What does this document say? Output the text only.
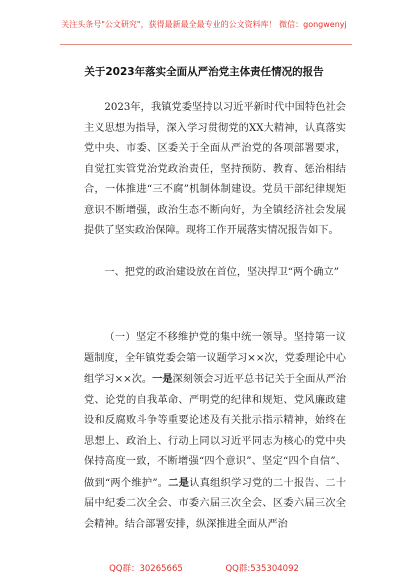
关注头条号"公文研究"，获得最新最全最专业的公文资料库！ 微信：gongwenyj
关于2023年落实全面从严治党主体责任情况的报告
2023年，我镇党委坚持以习近平新时代中国特色社会主义思想为指导，深入学习贯彻党的XX大精神，认真落实党中央、市委、区委关于全面从严治党的各项部署要求，自觉扛实管党治党政治责任，坚持预防、教育、惩治相结合，一体推进“三不腐”机制体制建设。党员干部纪律规矩意识不断增强，政治生态不断向好，为全镇经济社会发展提供了坚实政治保障。现将工作开展落实情况报告如下。
一、把党的政治建设放在首位，坚决捍卫“两个确立”
（一）坚定不移维护党的集中统一领导。坚持第一议题制度，全年镇党委会第一议题学习××次，党委理论中心组学习××次。一是深刻领会习近平总书记关于全面从严治党、论党的自我革命、严明党的纪律和规矩、党风廉政建设和反腐败斗争等重要论述及有关批示指示精神，始终在思想上、政治上、行动上同以习近平同志为核心的党中央保持高度一致，不断增强“四个意识”、坚定“四个自信”、做到“两个维护”。二是认真组织学习党的二十报告、二十届中纪委二次全会、市委六届三次全会、区委六届三次全会精神。结合部署安排，纵深推进全面从严治
QQ群：30265665	QQ群:535304092
